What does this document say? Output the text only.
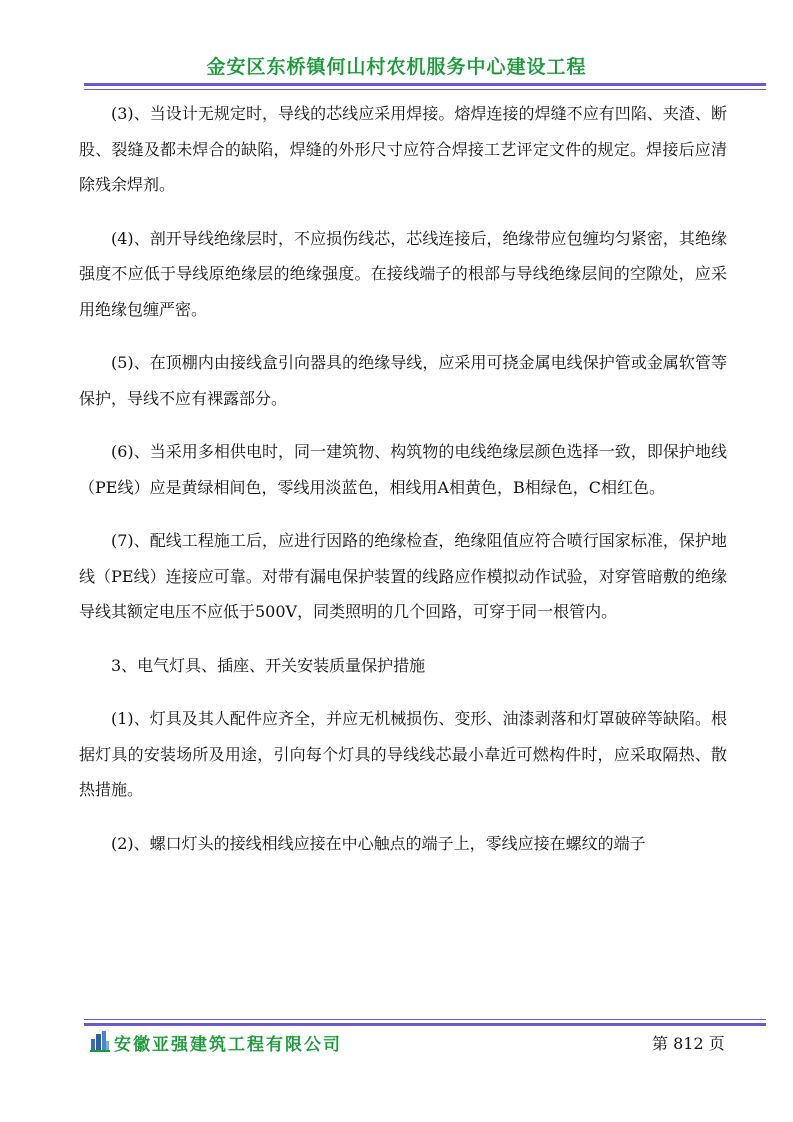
金安区东桥镇何山村农机服务中心建设工程

(3)、当设计无规定时，导线的芯线应采用焊接。熔焊连接的焊缝不应有凹陷、夹渣、断股、裂缝及都未焊合的缺陷，焊缝的外形尺寸应符合焊接工艺评定文件的规定。焊接后应清除残余焊剂。

(4)、剖开导线绝缘层时，不应损伤线芯，芯线连接后，绝缘带应包缠均匀紧密，其绝缘强度不应低于导线原绝缘层的绝缘强度。在接线端子的根部与导线绝缘层间的空隙处，应采用绝缘包缠严密。

(5)、在顶棚内由接线盒引向器具的绝缘导线，应采用可挠金属电线保护管或金属软管等保护，导线不应有裸露部分。

(6)、当采用多相供电时，同一建筑物、构筑物的电线绝缘层颜色选择一致，即保护地线（PE线）应是黄绿相间色，零线用淡蓝色，相线用A相黄色，B相绿色，C相红色。

(7)、配线工程施工后，应进行因路的绝缘检查，绝缘阻值应符合喷行国家标准，保护地线（PE线）连接应可靠。对带有漏电保护装置的线路应作模拟动作试验，对穿管暗敷的绝缘导线其额定电压不应低于500V，同类照明的几个回路，可穿于同一根管内。

3、电气灯具、插座、开关安装质量保护措施

(1)、灯具及其人配件应齐全，并应无机械损伤、变形、油漆剥落和灯罩破碎等缺陷。根据灯具的安装场所及用途，引向每个灯具的导线线芯最小韋近可燃构件时，应采取隔热、散热措施。

(2)、螺口灯头的接线相线应接在中心触点的端子上，零线应接在螺纹的端子

安徽亚强建筑工程有限公司	第 812 页
